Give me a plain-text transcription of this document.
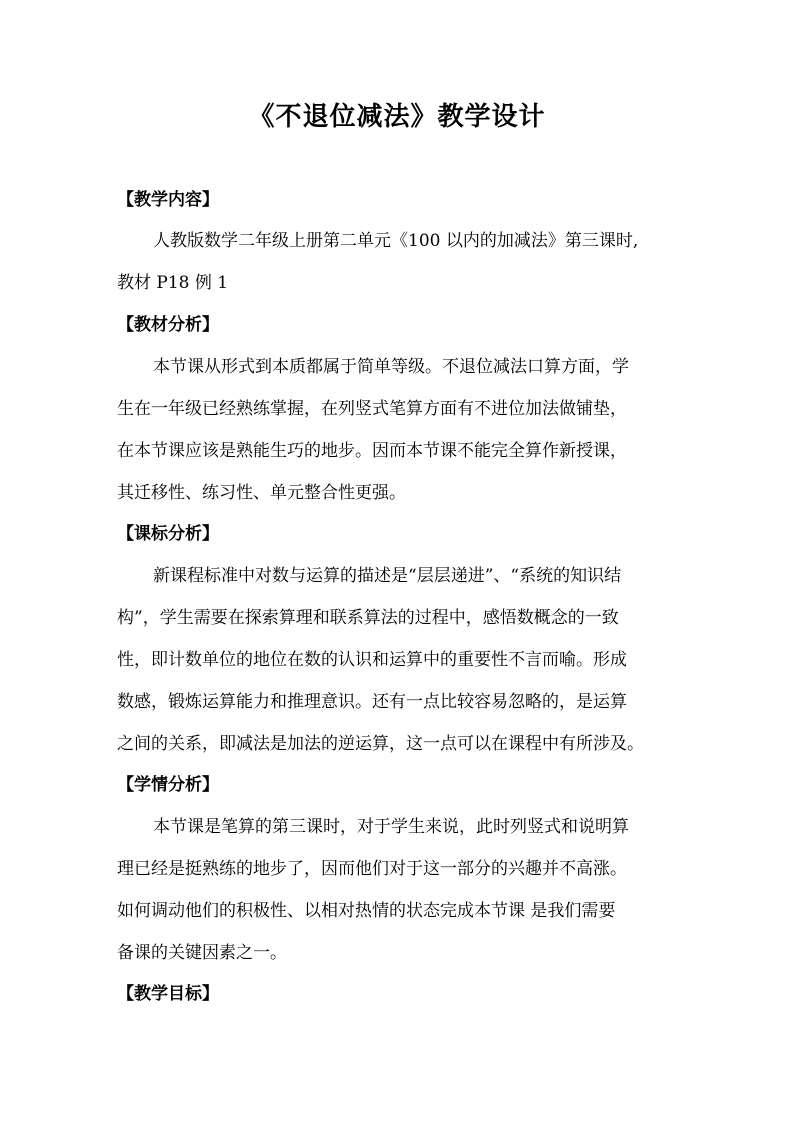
《不退位减法》教学设计
【教学内容】
人教版数学二年级上册第二单元《100 以内的加减法》第三课时,
教材 P18 例 1
【教材分析】
本节课从形式到本质都属于简单等级。不退位减法口算方面，学
生在一年级已经熟练掌握，在列竖式笔算方面有不进位加法做铺垫，
在本节课应该是熟能生巧的地步。因而本节课不能完全算作新授课，
其迁移性、练习性、单元整合性更强。
【课标分析】
新课程标准中对数与运算的描述是“层层递进”、“系统的知识结
构”，学生需要在探索算理和联系算法的过程中，感悟数概念的一致
性，即计数单位的地位在数的认识和运算中的重要性不言而喻。形成
数感，锻炼运算能力和推理意识。还有一点比较容易忽略的，是运算
之间的关系，即减法是加法的逆运算，这一点可以在课程中有所涉及。
【学情分析】
本节课是笔算的第三课时，对于学生来说，此时列竖式和说明算
理已经是挺熟练的地步了，因而他们对于这一部分的兴趣并不高涨。
如何调动他们的积极性、以相对热情的状态完成本节课 是我们需要
备课的关键因素之一。
【教学目标】
